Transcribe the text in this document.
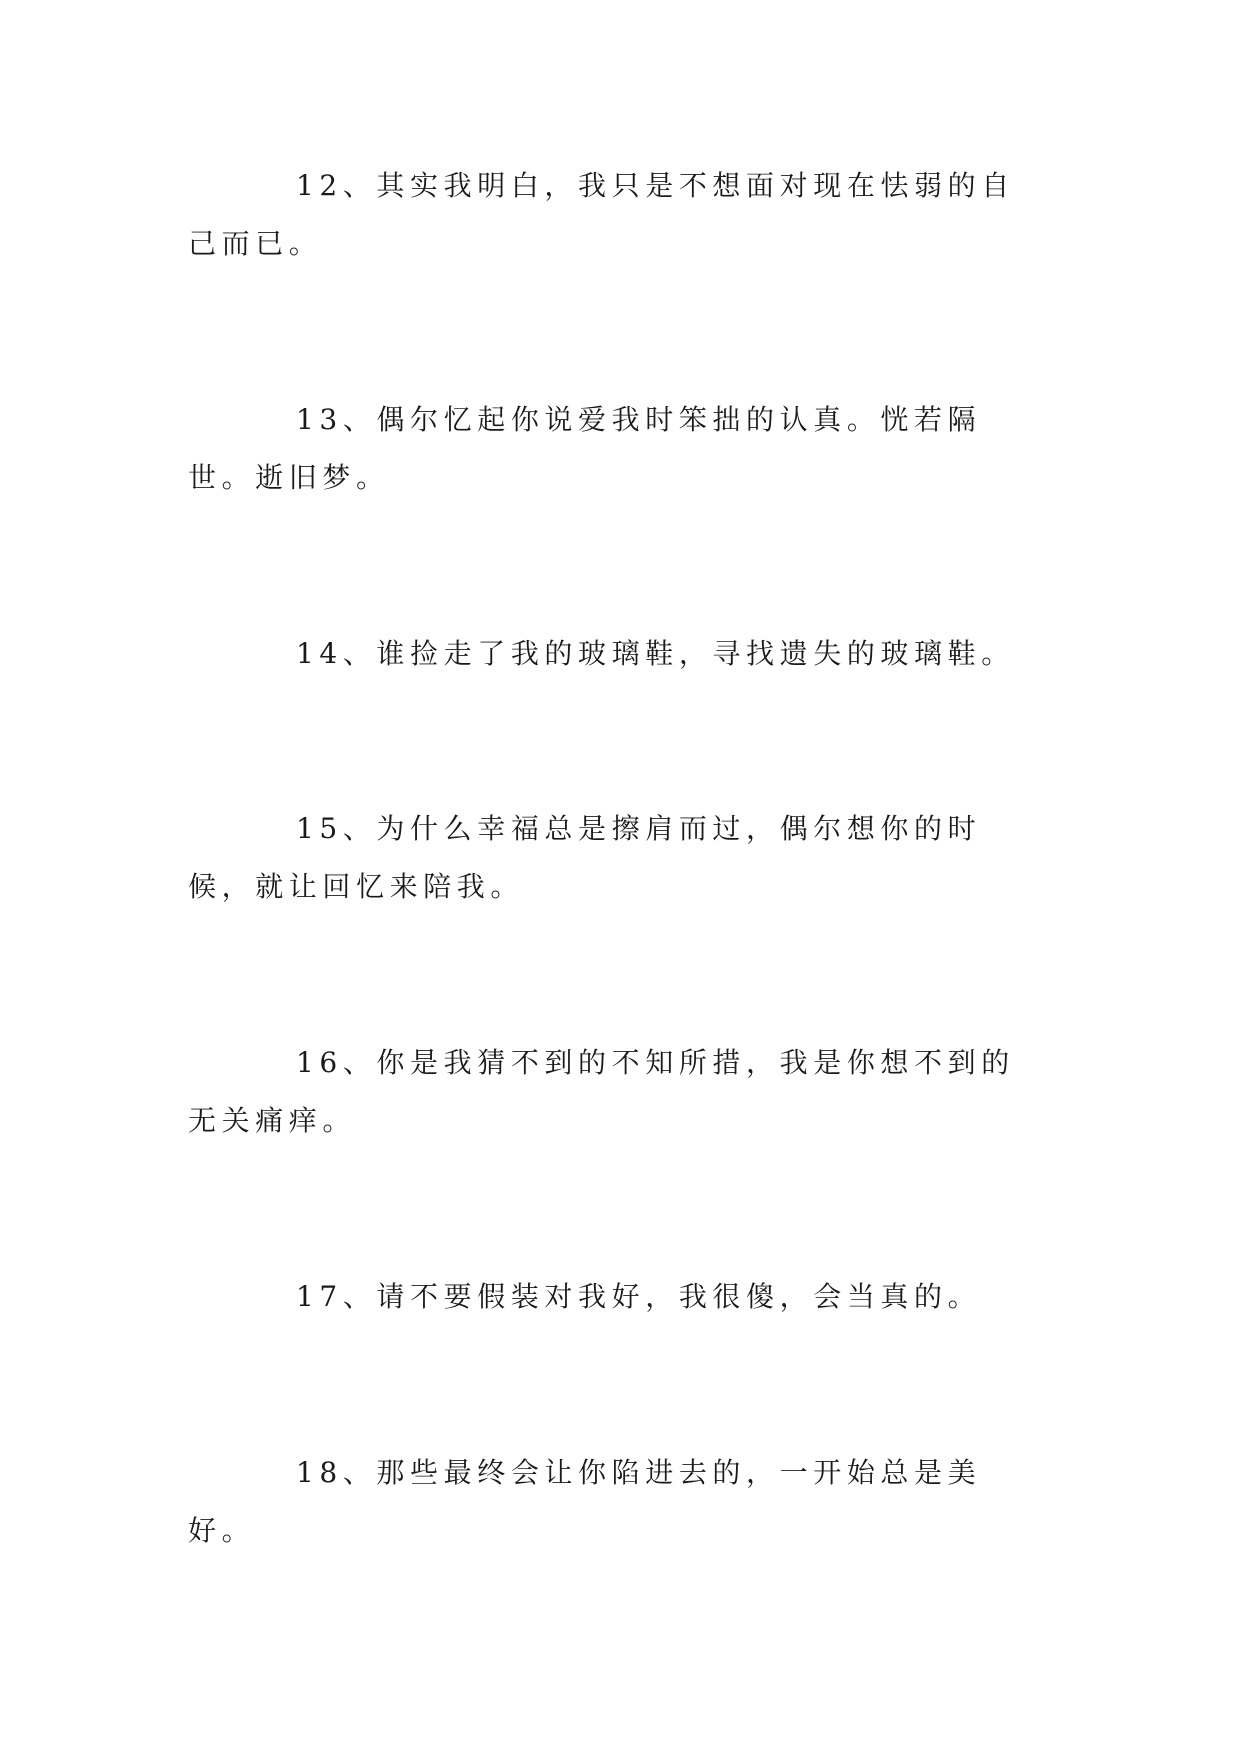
12、其实我明白，我只是不想面对现在怯弱的自己而已。

13、偶尔忆起你说爱我时笨拙的认真。恍若隔世。逝旧梦。

14、谁捡走了我的玻璃鞋，寻找遗失的玻璃鞋。

15、为什么幸福总是擦肩而过，偶尔想你的时候，就让回忆来陪我。

16、你是我猜不到的不知所措，我是你想不到的无关痛痒。

17、请不要假装对我好，我很傻，会当真的。

18、那些最终会让你陷进去的，一开始总是美好。
